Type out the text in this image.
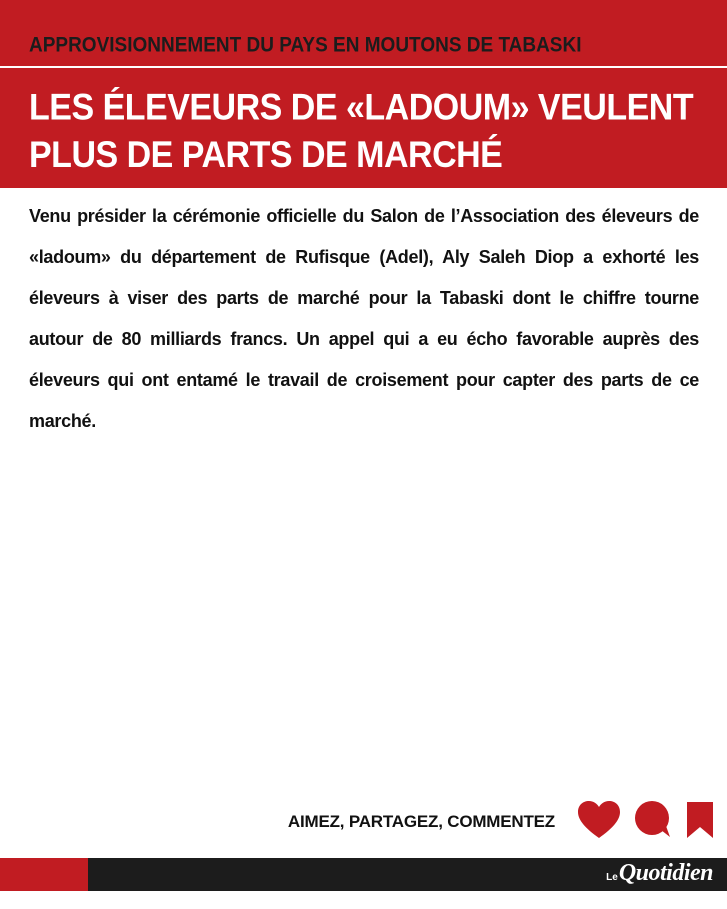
APPROVISIONNEMENT DU PAYS EN MOUTONS DE TABASKI
LES ÉLEVEURS DE «LADOUM» VEULENT PLUS DE PARTS DE MARCHÉ

Venu présider la cérémonie officielle du Salon de l’Association des éleveurs de «ladoum» du département de Rufisque (Adel), Aly Saleh Diop a exhorté les éleveurs à viser des parts de marché pour la Tabaski dont le chiffre tourne autour de 80 milliards francs. Un appel qui a eu écho favorable auprès des éleveurs qui ont entamé le travail de croisement pour capter des parts de ce marché.

AIMEZ, PARTAGEZ, COMMENTEZ
Le Quotidien
